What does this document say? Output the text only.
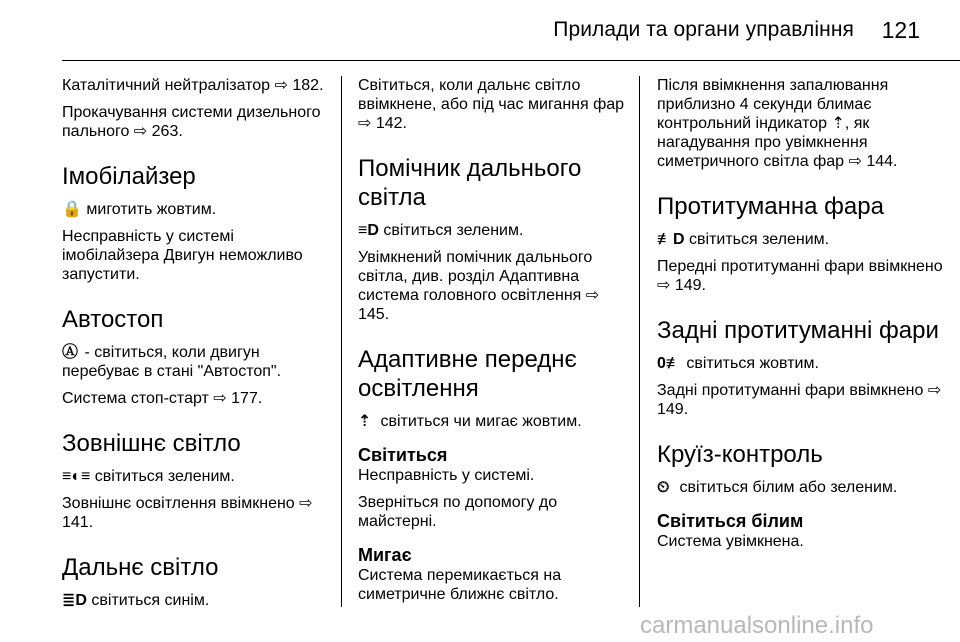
Прилади та органи управління 121

Каталітичний нейтралізатор ⇨ 182.

Прокачування системи дизельного пального ⇨ 263.

Імобілайзер

🔒 миготить жовтим.

Несправність у системі імобілайзера Двигун неможливо запустити.

Автостоп

Ⓐ - світиться, коли двигун перебуває в стані "Автостоп".

Система стоп-старт ⇨ 177.

Зовнішнє світло

≡◐≡ світиться зеленим.

Зовнішнє освітлення ввімкнено ⇨ 141.

Дальнє світло

≣D світиться синім.

Світиться, коли дальнє світло ввімкнене, або під час мигання фар ⇨ 142.

Помічник дальнього світла

≡D світиться зеленим.

Увімкнений помічник дальнього світла, див. розділ Адаптивна система головного освітлення ⇨ 145.

Адаптивне переднє освітлення

⇡ світиться чи мигає жовтим.

Світиться

Несправність у системі.

Зверніться по допомогу до майстерні.

Мигає

Система перемикається на симетричне ближнє світло.

Після ввімкнення запалювання приблизно 4 секунди блимає контрольний індикатор ⇡, як нагадування про увімкнення симетричного світла фар ⇨ 144.

Протитуманна фара

≢D світиться зеленим.

Передні протитуманні фари ввімкнено ⇨ 149.

Задні протитуманні фари

0≢ світиться жовтим.

Задні протитуманні фари ввімкнено ⇨ 149.

Круїз-контроль

⏲ світиться білим або зеленим.

Світиться білим

Система увімкнена.

carmanualsonline.info
